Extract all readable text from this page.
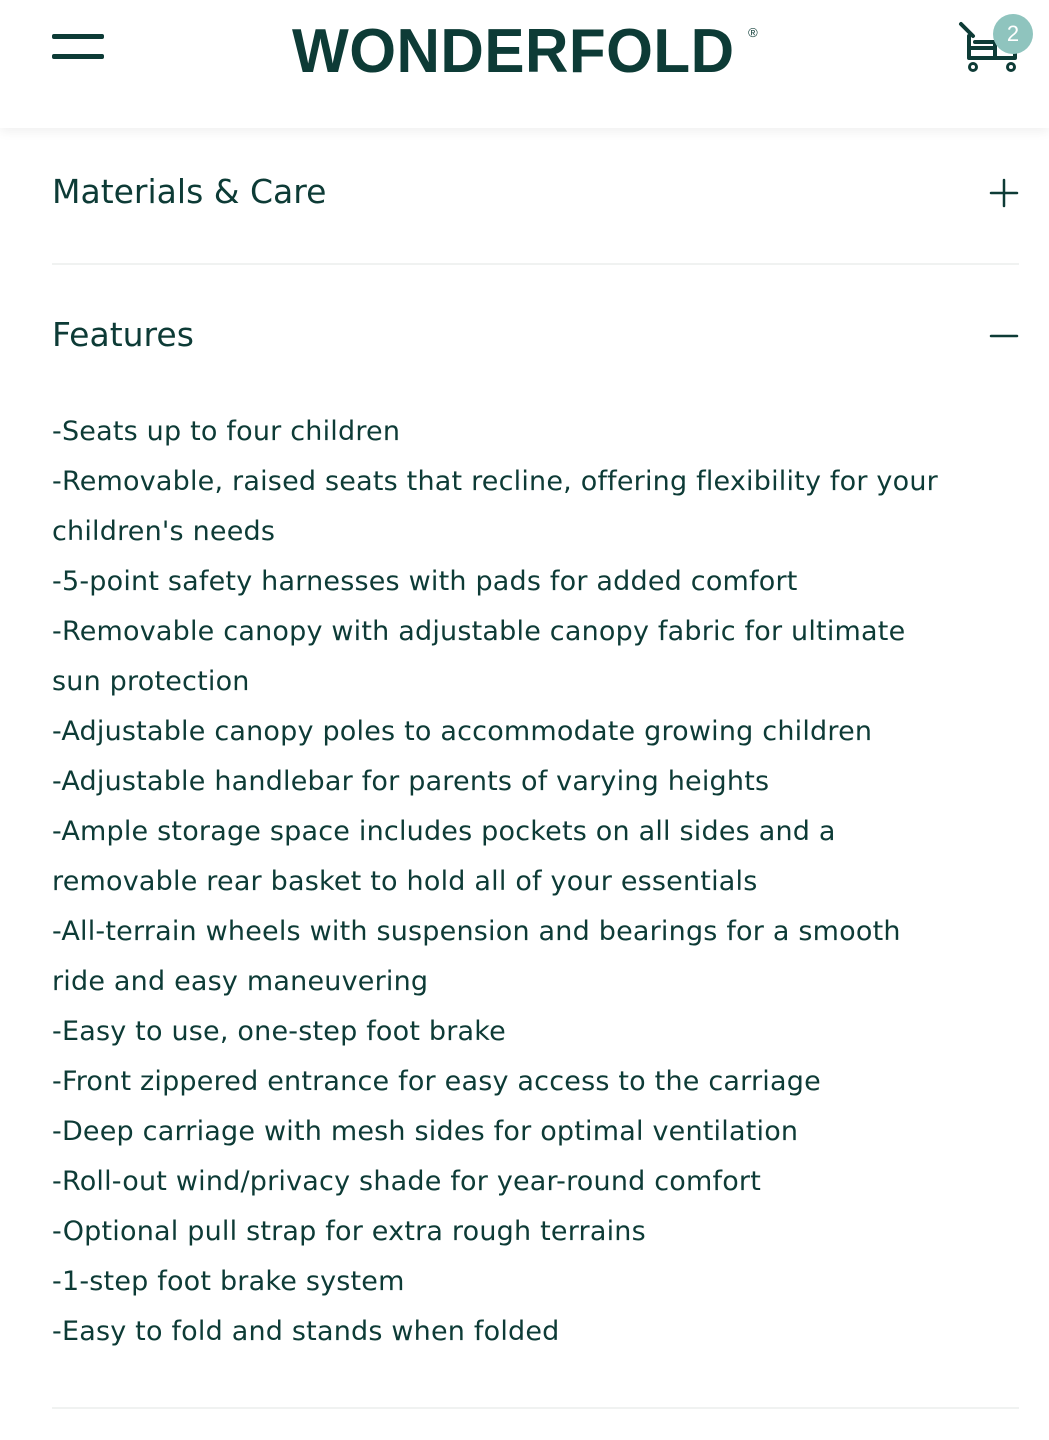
WONDERFOLD ®	2
Materials & Care
Features
-Seats up to four children
-Removable, raised seats that recline, offering flexibility for your
children's needs
-5-point safety harnesses with pads for added comfort
-Removable canopy with adjustable canopy fabric for ultimate
sun protection
-Adjustable canopy poles to accommodate growing children
-Adjustable handlebar for parents of varying heights
-Ample storage space includes pockets on all sides and a
removable rear basket to hold all of your essentials
-All-terrain wheels with suspension and bearings for a smooth
ride and easy maneuvering
-Easy to use, one-step foot brake
-Front zippered entrance for easy access to the carriage
-Deep carriage with mesh sides for optimal ventilation
-Roll-out wind/privacy shade for year-round comfort
-Optional pull strap for extra rough terrains
-1-step foot brake system
-Easy to fold and stands when folded
